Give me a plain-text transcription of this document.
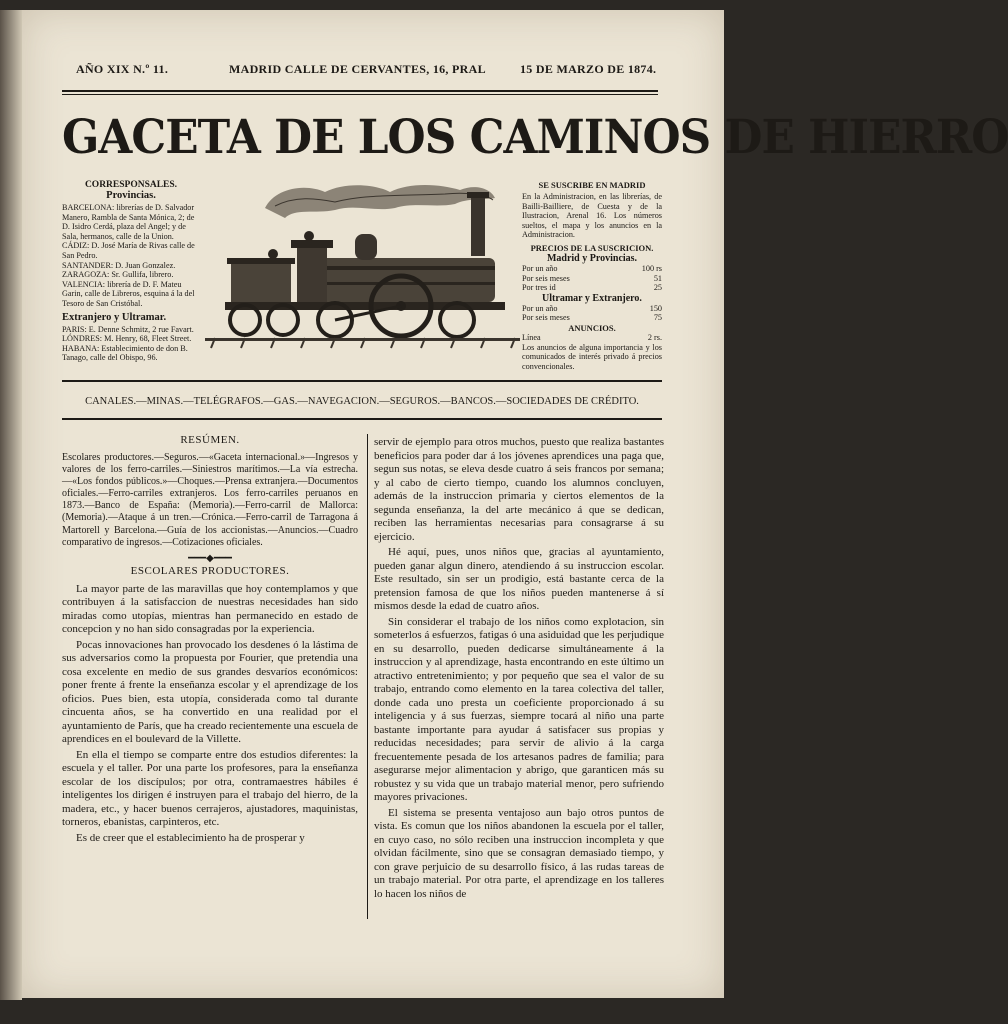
AÑO XIX N.º 11.	MADRID CALLE DE CERVANTES, 16, PRAL	15 DE MARZO DE 1874.
GACETA DE LOS CAMINOS DE HIERRO
CORRESPONSALES.
Provincias.

BARCELONA: librerías de D. Salvador Manero, Rambla de Santa Mónica, 2; de D. Isidro Cerdá, plaza del Angel; y de Sala, hermanos, calle de la Union.

CÁDIZ: D. José María de Rivas calle de San Pedro.

SANTANDER: D. Juan Gonzalez.

ZARAGOZA: Sr. Gullifa, librero.

VALENCIA: librería de D. F. Mateu Garin, calle de Libreros, esquina á la del Tesoro de San Cristóbal.

Extranjero y Ultramar.

PARIS: E. Denne Schmitz, 2 rue Favart.

LÓNDRES: M. Henry, 68, Fleet Street.

HABANA: Establecimiento de don B. Tanago, calle del Obispo, 96.

SE SUSCRIBE EN MADRID
En la Administracion, en las librerías, de Bailli-Bailliere, de Cuesta y de la Ilustracion, Arenal 16. Los números sueltos, el mapa y los anuncios en la Administracion.
PRECIOS DE LA SUSCRICION.
Madrid y Provincias.
Por un año	100 rs
Por seis meses	51
Por tres id	25
Ultramar y Extranjero.
Por un año	150
Por seis meses	75
ANUNCIOS.
Línea	2 rs.
Los anuncios de alguna importancia y los comunicados de interés privado á precios convencionales.
CANALES.—MINAS.—TELÉGRAFOS.—GAS.—NAVEGACION.—SEGUROS.—BANCOS.—SOCIEDADES DE CRÉDITO.
RESÚMEN.
Escolares productores.—Seguros.—«Gaceta internacional.»—Ingresos y valores de los ferro-carriles.—Siniestros marítimos.—La vía estrecha.—«Los fondos públicos.»—Choques.—Prensa extranjera.—Documentos oficiales.—Ferro-carriles extranjeros. Los ferro-carriles peruanos en 1873.—Banco de España: (Memoria).—Ferro-carril de Mallorca: (Memoria).—Ataque á un tren.—Crónica.—Ferro-carril de Tarragona á Martorell y Barcelona.—Guía de los accionistas.—Anuncios.—Cuadro comparativo de ingresos.—Cotizaciones oficiales.
━━━◆━━━
ESCOLARES PRODUCTORES.

La mayor parte de las maravillas que hoy contemplamos y que contribuyen á la satisfaccion de nuestras necesidades han sido miradas como utopías, mientras han permanecido en estado de concepcion y no han sido consagradas por la experiencia.

Pocas innovaciones han provocado los desdenes ó la lástima de sus adversarios como la propuesta por Fourier, que pretendia una cosa excelente en medio de sus grandes desvaríos económicos: poner frente á frente la enseñanza escolar y el aprendizage de los oficios. Pues bien, esta utopía, considerada como tal durante cincuenta años, se ha convertido en una realidad por el ayuntamiento de París, que ha creado recientemente una escuela de aprendices en el boulevard de la Villette.

En ella el tiempo se comparte entre dos estudios diferentes: la escuela y el taller. Por una parte los profesores, para la enseñanza escolar de los discípulos; por otra, contramaestres hábiles é inteligentes los dirigen é instruyen para el trabajo del hierro, de la madera, etc., y hacer buenos cerrajeros, ajustadores, maquinistas, torneros, ebanistas, carpinteros, etc.

Es de creer que el establecimiento ha de prosperar y

servir de ejemplo para otros muchos, puesto que realiza bastantes beneficios para poder dar á los jóvenes aprendices una paga que, segun sus notas, se eleva desde cuatro á seis francos por semana; y al cabo de cierto tiempo, cuando los alumnos concluyen, además de la instruccion primaria y ciertos elementos de la segunda enseñanza, la del arte mecánico á que se dedican, reciben las herramientas necesarias para consagrarse á su ejercicio.

Hé aquí, pues, unos niños que, gracias al ayuntamiento, pueden ganar algun dinero, atendiendo á su instruccion escolar. Este resultado, sin ser un prodigio, está bastante cerca de la pretension famosa de que los niños pueden mantenerse á sí mismos desde la edad de cuatro años.

Sin considerar el trabajo de los niños como explotacion, sin someterlos á esfuerzos, fatigas ó una asiduidad que les perjudique en su desarrollo, pueden dedicarse simultáneamente á la instruccion y al aprendizage, hasta encontrando en este último un atractivo entretenimiento; y por pequeño que sea el valor de su trabajo, entrando como elemento en la tarea colectiva del taller, donde cada uno presta un coeficiente proporcionado á su inteligencia y á sus fuerzas, siempre tocará al niño una parte bastante importante para ayudar á satisfacer sus propias y reducidas necesidades; para servir de alivio á la carga frecuentemente pesada de los artesanos padres de familia; para asegurarse mejor alimentacion y abrigo, que garanticen más su robustez y su vida que un trabajo material menor, pero sufriendo mayores privaciones.

El sistema se presenta ventajoso aun bajo otros puntos de vista. Es comun que los niños abandonen la escuela por el taller, en cuyo caso, no sólo reciben una instruccion incompleta y que olvidan fácilmente, sino que se consagran demasiado tiempo, y con grave perjuicio de su desarrollo físico, á las rudas tareas de un trabajo material. Por otra parte, el aprendizage en los talleres lo hacen los niños de
